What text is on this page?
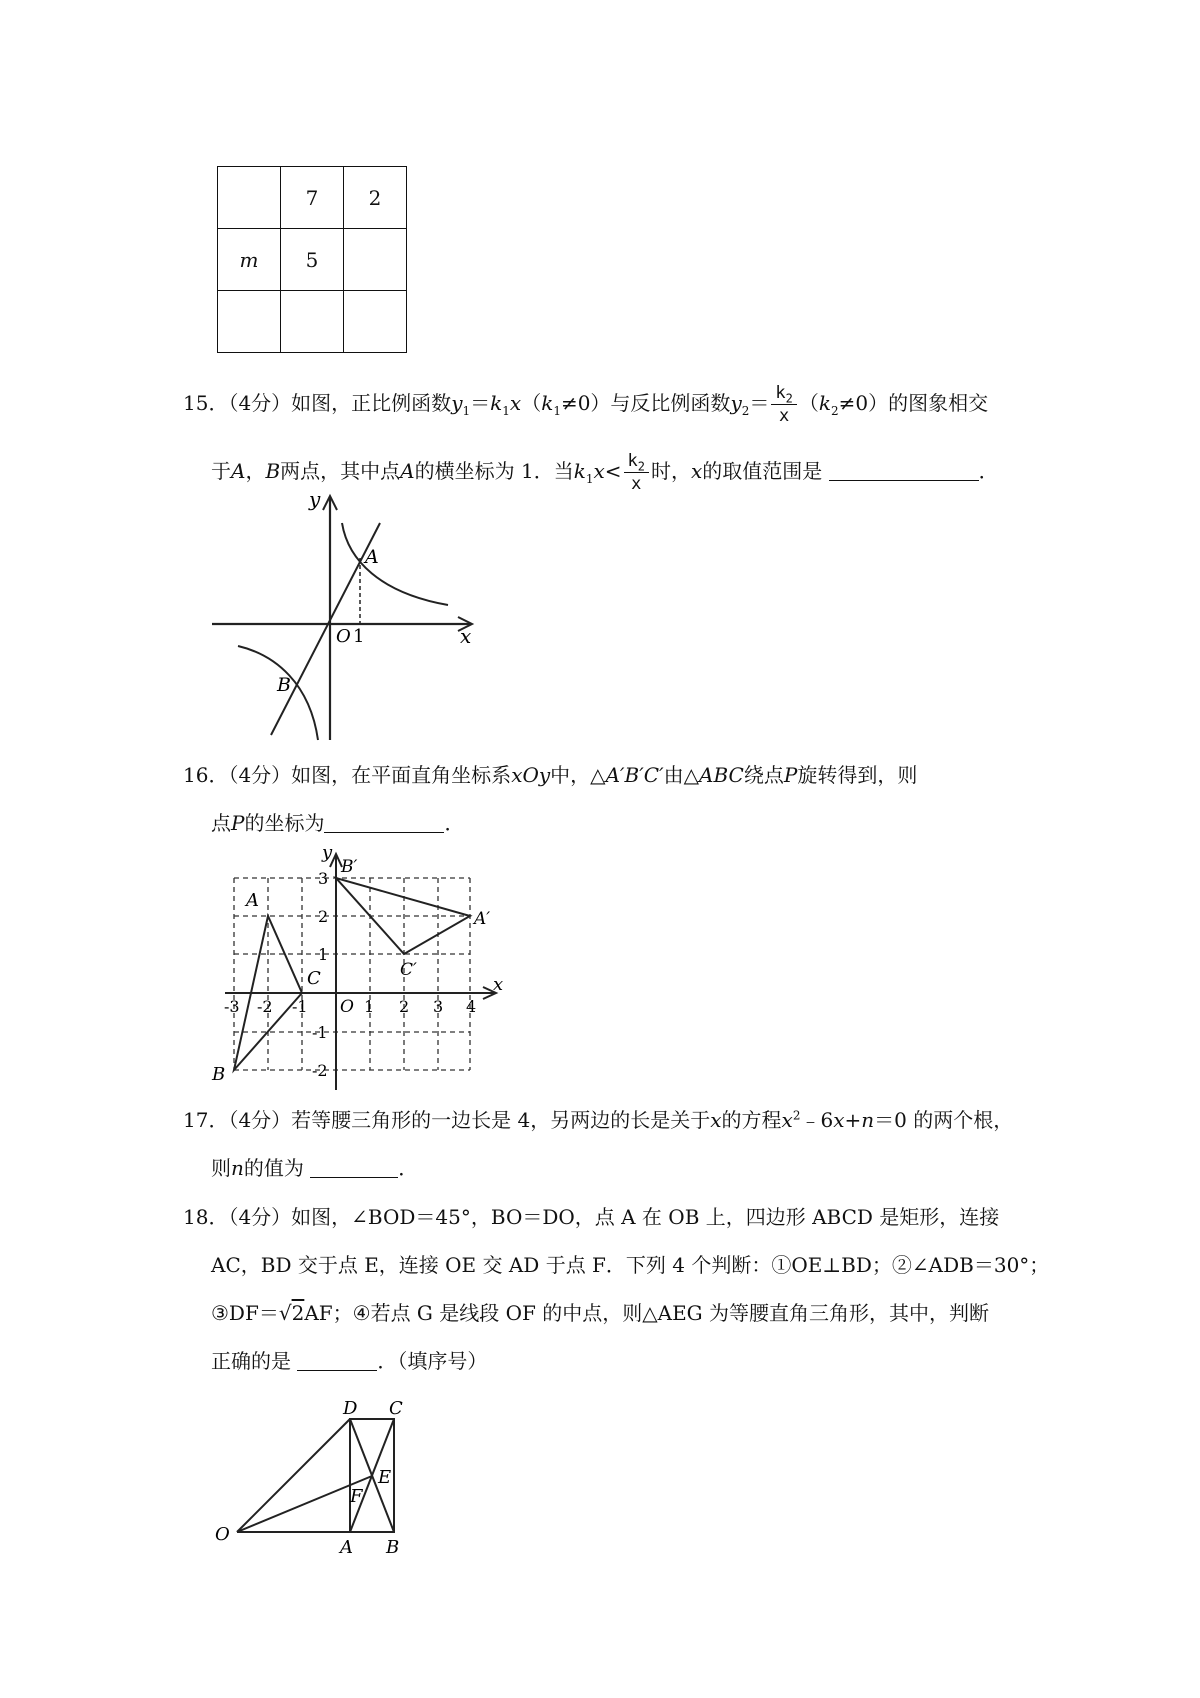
	7	2
m	5	

15．（4分）如图，正比例函数$y_1=k_1x(k_1\ne 0)$与反比例函数$y_2= \frac{k_2}{x} (k_2\ne 0)$的图象相交
于A，B两点，其中点A的横坐标为 1．当$k_1x< \frac{k_2}{x}$ 时，x的取值范围是	．
y
x
A
B
O 1
16．（4分）如图，在平面直角坐标系xOy中，△A′B′C′由△ABC绕点P旋转得到，则
点P的坐标为	．
y
x
A
B
C
O
A′
B′
C′
-3 -2 -1	1 2 3 4
3
2
1
-1
-2
17．（4分）若等腰三角形的一边长是 4，另两边的长是关于x的方程$x^2﹣6x+n=0$ 的两个根，
则n的值为	．
18．（4分）如图，∠BOD＝45°，BO＝DO，点 A 在 OB 上，四边形 ABCD 是矩形，连接
AC，BD 交于点 E，连接 OE 交 AD 于点 F．下列 4 个判断：①OE⊥BD；②∠ADB＝30°；
③DF＝√2AF；④若点 G 是线段 OF 的中点，则△AEG 为等腰直角三角形，其中，判断
正确的是	．（填序号）
D C
E
F
O
A B
